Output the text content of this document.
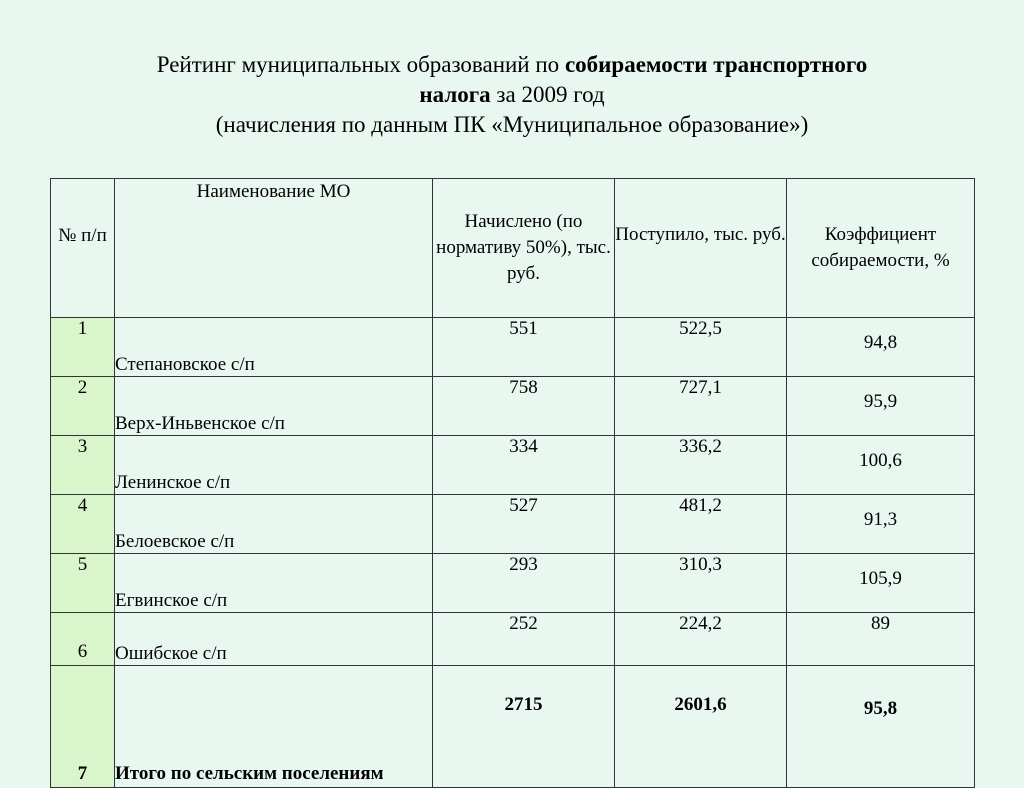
Рейтинг муниципальных образований по собираемости транспортного
налога за 2009 год
(начисления по данным ПК «Муниципальное образование»)
№ п/п	Наименование МО	Начислено (по нормативу 50%), тыс. руб.	Поступило, тыс. руб.	Коэффициент собираемости, %

1	Степановское с/п	551	522,5	94,8
2	Верх-Иньвенское с/п	758	727,1	95,9
3	Ленинское с/п	334	336,2	100,6
4	Белоевское с/п	527	481,2	91,3
5	Егвинское с/п	293	310,3	105,9
6	Ошибское с/п	252	224,2	89
7	Итого по сельским поселениям	2715	2601,6	95,8
